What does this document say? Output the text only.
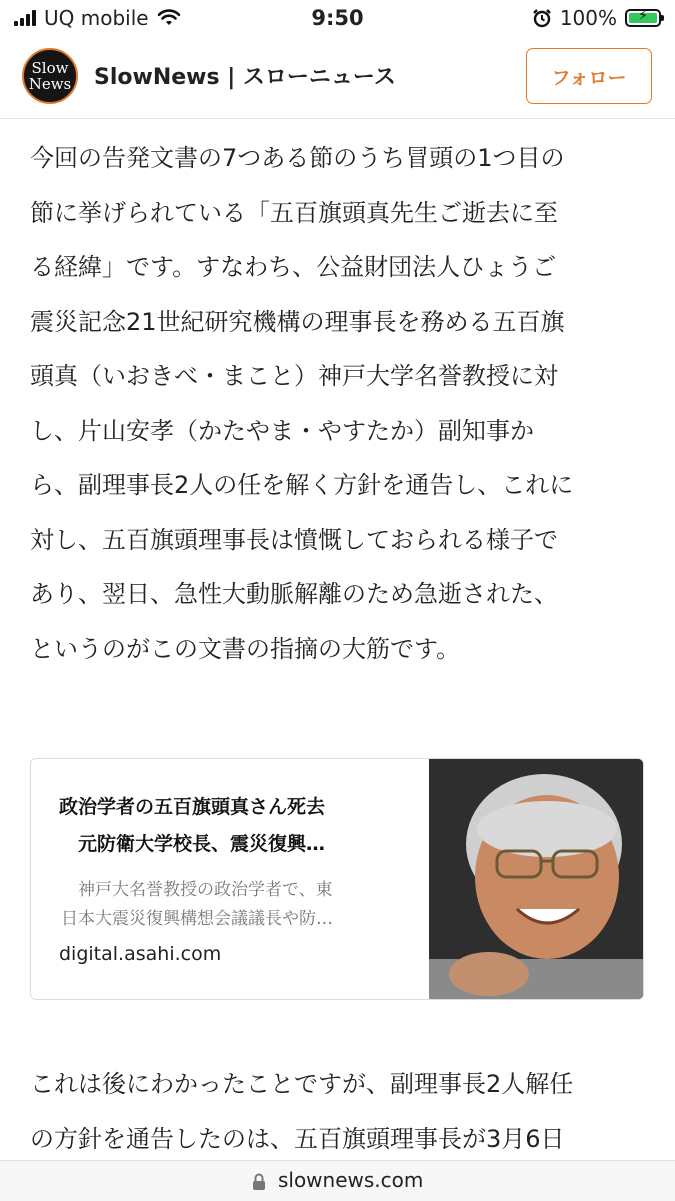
UQ mobile	9:50	100%	⚡
Slow
News SlowNews | スローニュース	フォロー
今回の告発文書の7つある節のうち冒頭の1つ目の
節に挙げられている「五百旗頭真先生ご逝去に至
る経緯」です。すなわち、公益財団法人ひょうご
震災記念21世紀研究機構の理事長を務める五百旗
頭真（いおきべ・まこと）神戸大学名誉教授に対
し、片山安孝（かたやま・やすたか）副知事か
ら、副理事長2人の任を解く方針を通告し、これに
対し、五百旗頭理事長は憤慨しておられる様子で
あり、翌日、急性大動脈解離のため急逝された、
というのがこの文書の指摘の大筋です。
政治学者の五百旗頭真さん死去
　元防衛大学校長、震災復興…
　神戸大名誉教授の政治学者で、東
日本大震災復興構想会議議長や防…
digital.asahi.com
これは後にわかったことですが、副理事長2人解任
の方針を通告したのは、五百旗頭理事長が3月6日
slownews.com
